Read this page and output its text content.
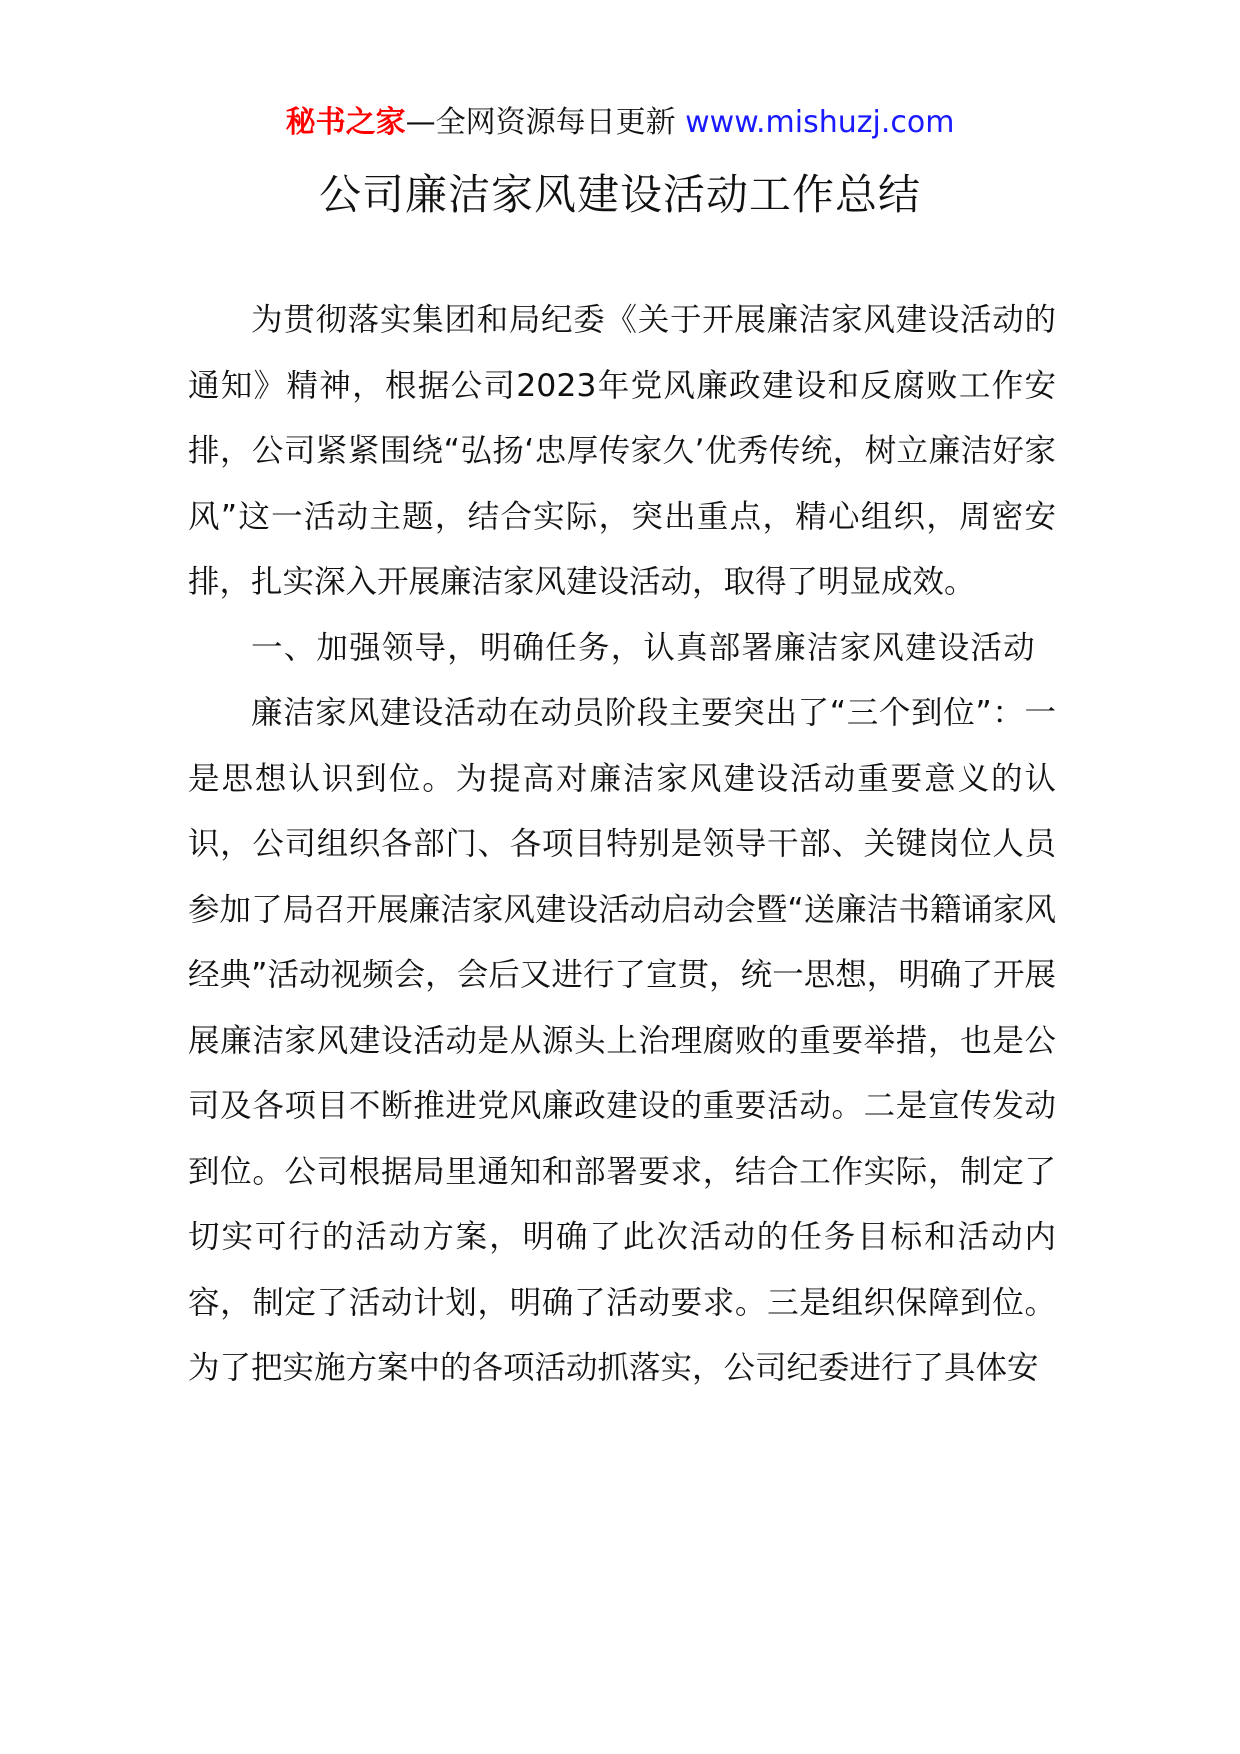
秘书之家—全网资源每日更新 www.mishuzj.com
公司廉洁家风建设活动工作总结

为贯彻落实集团和局纪委《关于开展廉洁家风建设活动的通知》精神，根据公司2023年党风廉政建设和反腐败工作安排，公司紧紧围绕“弘扬‘忠厚传家久’优秀传统，树立廉洁好家风”这一活动主题，结合实际，突出重点，精心组织，周密安排，扎实深入开展廉洁家风建设活动，取得了明显成效。

一、加强领导，明确任务，认真部署廉洁家风建设活动

廉洁家风建设活动在动员阶段主要突出了“三个到位”：一是思想认识到位。为提高对廉洁家风建设活动重要意义的认识，公司组织各部门、各项目特别是领导干部、关键岗位人员参加了局召开展廉洁家风建设活动启动会暨“送廉洁书籍诵家风经典”活动视频会，会后又进行了宣贯，统一思想，明确了开展展廉洁家风建设活动是从源头上治理腐败的重要举措，也是公司及各项目不断推进党风廉政建设的重要活动。二是宣传发动到位。公司根据局里通知和部署要求，结合工作实际，制定了切实可行的活动方案，明确了此次活动的任务目标和活动内容，制定了活动计划，明确了活动要求。三是组织保障到位。为了把实施方案中的各项活动抓落实，公司纪委进行了具体安
